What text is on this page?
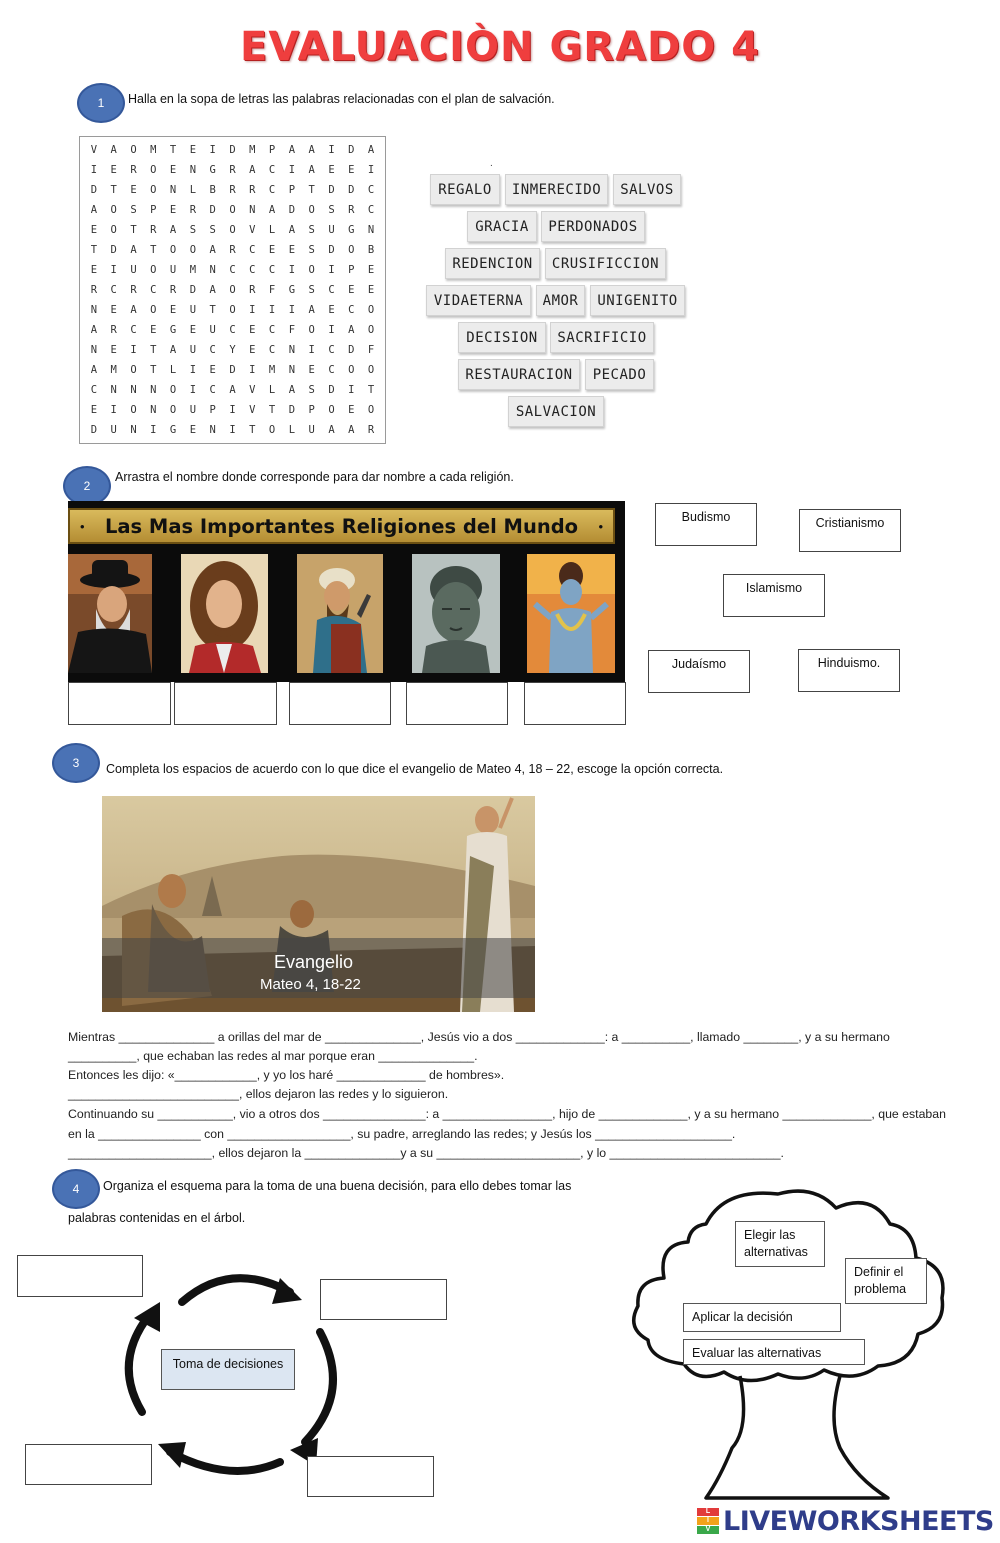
EVALUACIÒN GRADO 4
1	Halla en la sopa de letras las palabras relacionadas con el plan de salvación.
V	A	O	M	T	E	I	D	M	P	A	A	I	D	A
I	E	R	O	E	N	G	R	A	C	I	A	E	E	I
D	T	E	O	N	L	B	R	R	C	P	T	D	D	C
A	O	S	P	E	R	D	O	N	A	D	O	S	R	C
E	O	T	R	A	S	S	O	V	L	A	S	U	G	N
T	D	A	T	O	O	A	R	C	E	E	S	D	O	B
E	I	U	O	U	M	N	C	C	C	I	O	I	P	E
R	C	R	C	R	D	A	O	R	F	G	S	C	E	E
N	E	A	O	E	U	T	O	I	I	I	A	E	C	O
A	R	C	E	G	E	U	C	E	C	F	O	I	A	O
N	E	I	T	A	U	C	Y	E	C	N	I	C	D	F
A	M	O	T	L	I	E	D	I	M	N	E	C	O	O
C	N	N	N	O	I	C	A	V	L	A	S	D	I	T
E	I	O	N	O	U	P	I	V	T	D	P	O	E	O
D	U	N	I	G	E	N	I	T	O	L	U	A	A	R
.
REGALO	INMERECIDO	SALVOS
GRACIA	PERDONADOS
REDENCION	CRUSIFICCION
VIDAETERNA	AMOR	UNIGENITO
DECISION	SACRIFICIO
RESTAURACION	PECADO
SALVACION
2
Arrastra el nombre donde corresponde para dar nombre a cada religión.
• Las Mas Importantes Religiones del Mundo •
Budismo	Cristianismo
Islamismo
Judaísmo	Hinduismo.
3	Completa los espacios de acuerdo con lo que dice el evangelio de Mateo 4, 18 – 22, escoge la opción correcta.
Evangelio
Mateo 4, 18-22
Mientras ______________ a orillas del mar de ______________, Jesús vio a dos _____________: a __________, llamado ________, y a su hermano
__________, que echaban las redes al mar porque eran ______________.
Entonces les dijo: «____________, y yo los haré _____________ de hombres».
_________________________, ellos dejaron las redes y lo siguieron.
Continuando su ___________, vio a otros dos _______________: a ________________, hijo de _____________, y a su hermano _____________, que estaban
en la _______________ con __________________, su padre, arreglando las redes; y Jesús los ____________________.
_____________________, ellos dejaron la ______________y a su _____________________, y lo _________________________.
4	Organiza el esquema para la toma de una buena decisión, para ello debes tomar las
palabras contenidas en el árbol.
Toma de decisiones
Elegir las alternativas
Definir el problema
Aplicar la decisión
Evaluar las alternativas
L
I
V LIVEWORKSHEETS
